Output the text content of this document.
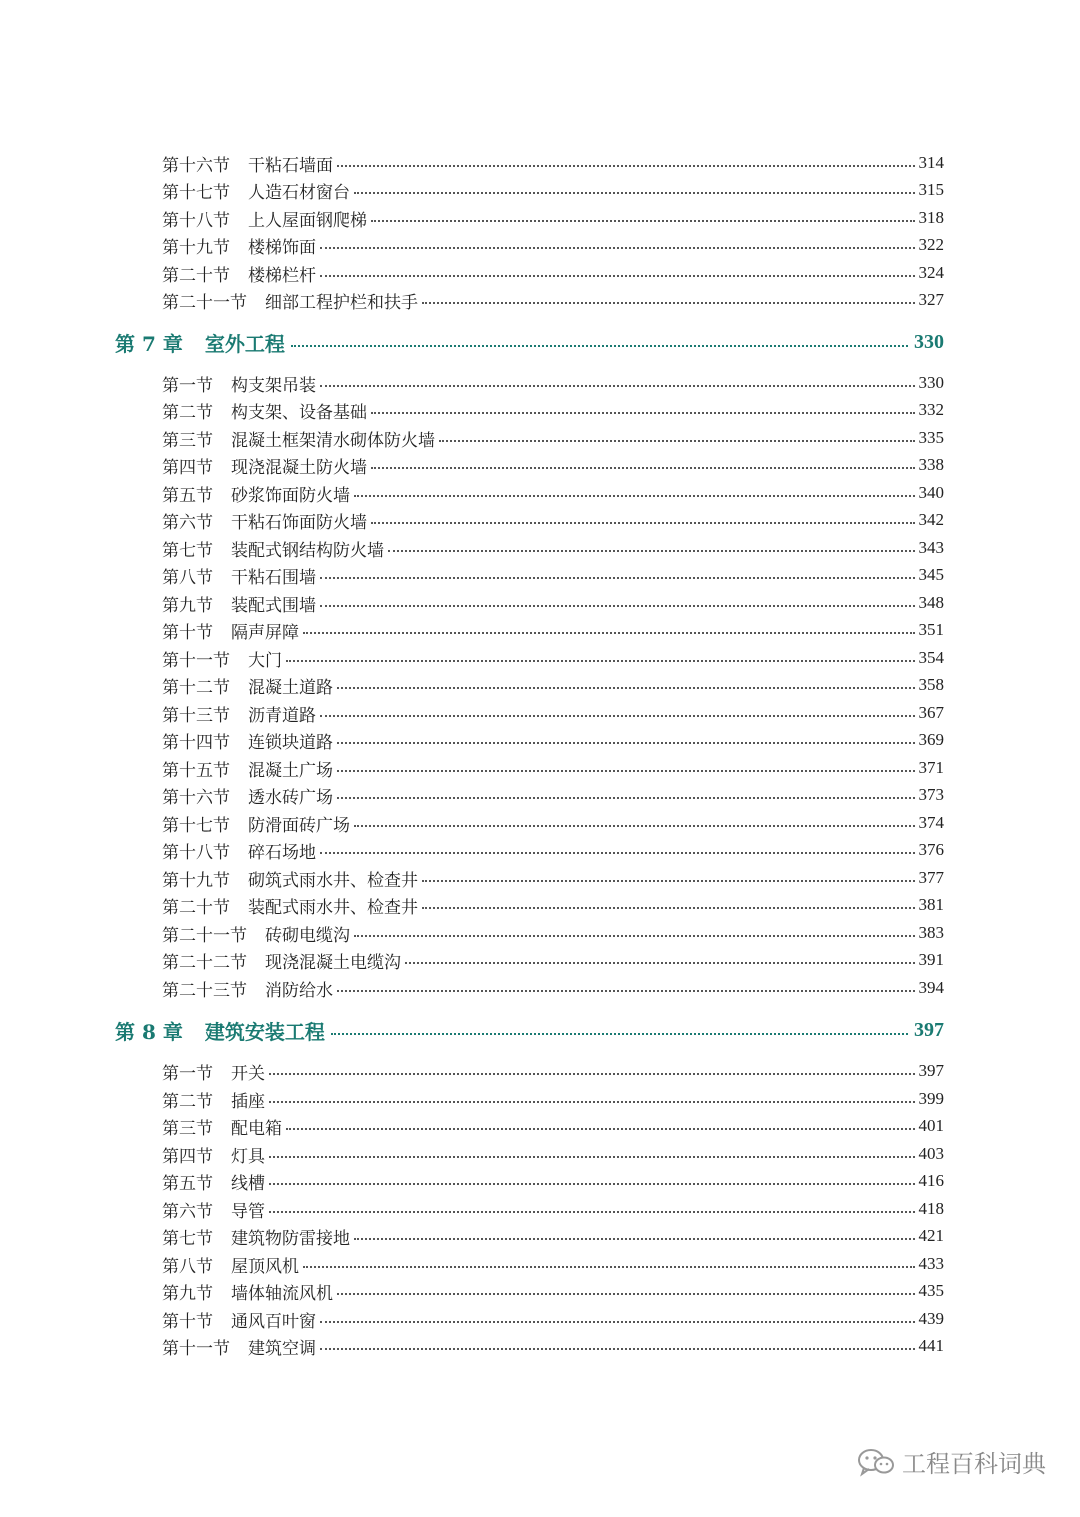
第十六节 干粘石墙面	314
第十七节 人造石材窗台	315
第十八节 上人屋面钢爬梯	318
第十九节 楼梯饰面	322
第二十节 楼梯栏杆	324
第二十一节 细部工程护栏和扶手	327
第 7 章 室外工程	330
第一节 构支架吊装	330
第二节 构支架、设备基础	332
第三节 混凝土框架清水砌体防火墙	335
第四节 现浇混凝土防火墙	338
第五节 砂浆饰面防火墙	340
第六节 干粘石饰面防火墙	342
第七节 装配式钢结构防火墙	343
第八节 干粘石围墙	345
第九节 装配式围墙	348
第十节 隔声屏障	351
第十一节 大门	354
第十二节 混凝土道路	358
第十三节 沥青道路	367
第十四节 连锁块道路	369
第十五节 混凝土广场	371
第十六节 透水砖广场	373
第十七节 防滑面砖广场	374
第十八节 碎石场地	376
第十九节 砌筑式雨水井、检查井	377
第二十节 装配式雨水井、检查井	381
第二十一节 砖砌电缆沟	383
第二十二节 现浇混凝土电缆沟	391
第二十三节 消防给水	394
第 8 章 建筑安装工程	397
第一节 开关	397
第二节 插座	399
第三节 配电箱	401
第四节 灯具	403
第五节 线槽	416
第六节 导管	418
第七节 建筑物防雷接地	421
第八节 屋顶风机	433
第九节 墙体轴流风机	435
第十节 通风百叶窗	439
第十一节 建筑空调	441
工程百科词典
